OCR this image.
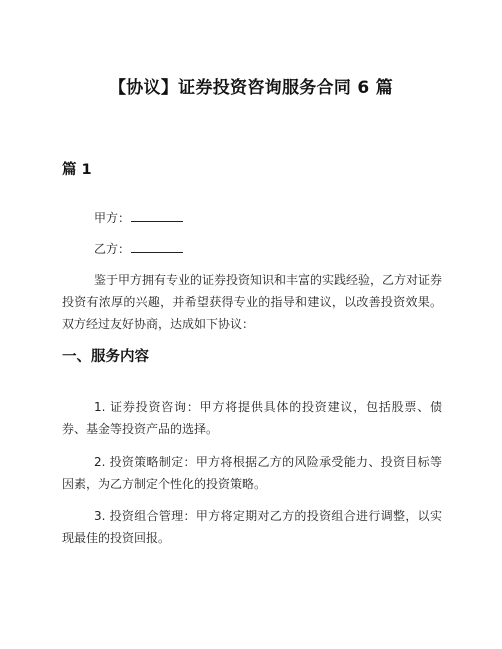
【协议】证券投资咨询服务合同 6 篇
篇 1
甲方：
乙方：
鉴于甲方拥有专业的证券投资知识和丰富的实践经验，乙方对证券投资有浓厚的兴趣，并希望获得专业的指导和建议，以改善投资效果。双方经过友好协商，达成如下协议：
一、服务内容
1. 证券投资咨询：甲方将提供具体的投资建议，包括股票、债券、基金等投资产品的选择。
2. 投资策略制定：甲方将根据乙方的风险承受能力、投资目标等因素，为乙方制定个性化的投资策略。
3. 投资组合管理：甲方将定期对乙方的投资组合进行调整，以实现最佳的投资回报。
